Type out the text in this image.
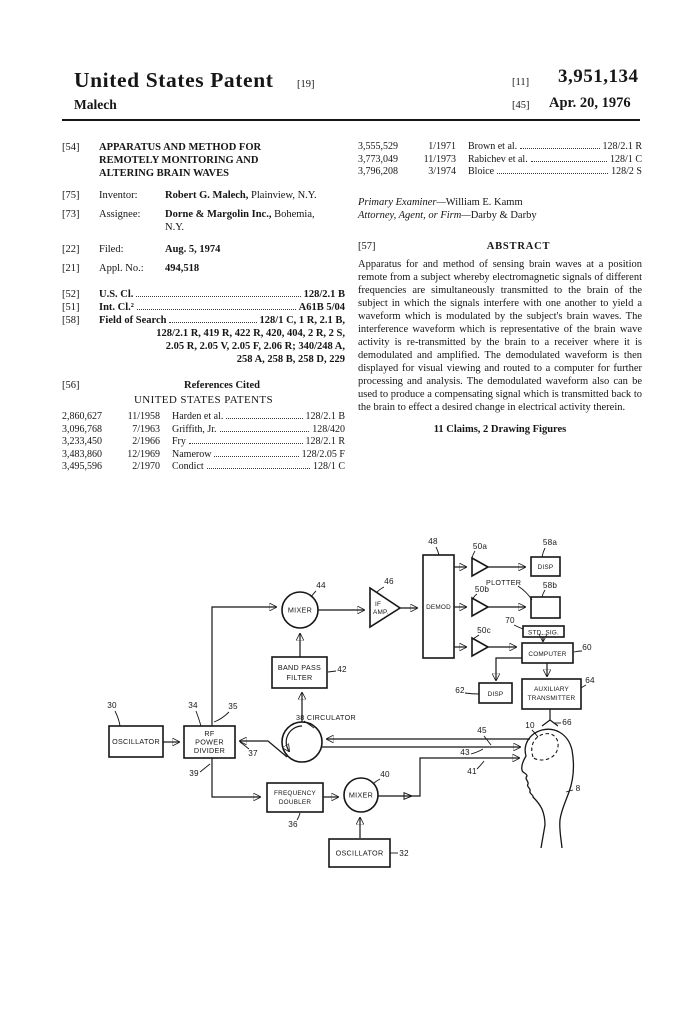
United States Patent [19]	[11] 3,951,134
Malech	[45] Apr. 20, 1976
[54]	APPARATUS AND METHOD FOR
REMOTELY MONITORING AND
ALTERING BRAIN WAVES
[75]	Inventor:	Robert G. Malech, Plainview, N.Y.
[73]	Assignee:	Dorne & Margolin Inc., Bohemia,
N.Y.
[22]	Filed:	Aug. 5, 1974
[21]	Appl. No.:	494,518
[52]	U.S. Cl.	128/2.1 B
[51]	Int. Cl.²	A61B 5/04
[58]	Field of Search	128/1 C, 1 R, 2.1 B,
128/2.1 R, 419 R, 422 R, 420, 404, 2 R, 2 S,
2.05 R, 2.05 V, 2.05 F, 2.06 R; 340/248 A,
258 A, 258 B, 258 D, 229
[56]	References Cited
UNITED STATES PATENTS
2,860,627	11/1958 Harden et al.	128/2.1 B
3,096,768	7/1963 Griffith, Jr.	128/420
3,233,450	2/1966 Fry	128/2.1 R
3,483,860	12/1969 Namerow	128/2.05 F
3,495,596	2/1970 Condict	128/1 C
3,555,529	1/1971 Brown et al.	128/2.1 R
3,773,049	11/1973 Rabichev et al.	128/1 C
3,796,208	3/1974 Bloice	128/2 S
Primary Examiner—William E. Kamm
Attorney, Agent, or Firm—Darby & Darby
[57]	ABSTRACT
Apparatus for and method of sensing brain waves at a position remote from a subject whereby electromagnetic signals of different frequencies are simultaneously transmitted to the brain of the subject in which the signals interfere with one another to yield a waveform which is modulated by the subject's brain waves. The interference waveform which is representative of the brain wave activity is re-transmitted by the brain to a receiver where it is demodulated and amplified. The demodulated waveform is then displayed for visual viewing and routed to a computer for further processing and analysis. The demodulated waveform also can be used to produce a compensating signal which is transmitted back to the brain to effect a desired change in electrical activity therein.
11 Claims, 2 Drawing Figures
OSCILLATOR
30
RF
POWER
DIVIDER
34	35
37
39
38 CIRCULATOR
BAND PASS
FILTER
42
MIXER
44
IF
AMP.
46
DEMOD
48
50a
50b
50c
DISP
58a
PLOTTER	58b
STD. SIG.
70
COMPUTER
60
DISP
62	AUXILIARY
TRANSMITTER
64
66
FREQUENCY
DOUBLER
36
MIXER
40
OSCILLATOR 32
10
8
45
43
41
